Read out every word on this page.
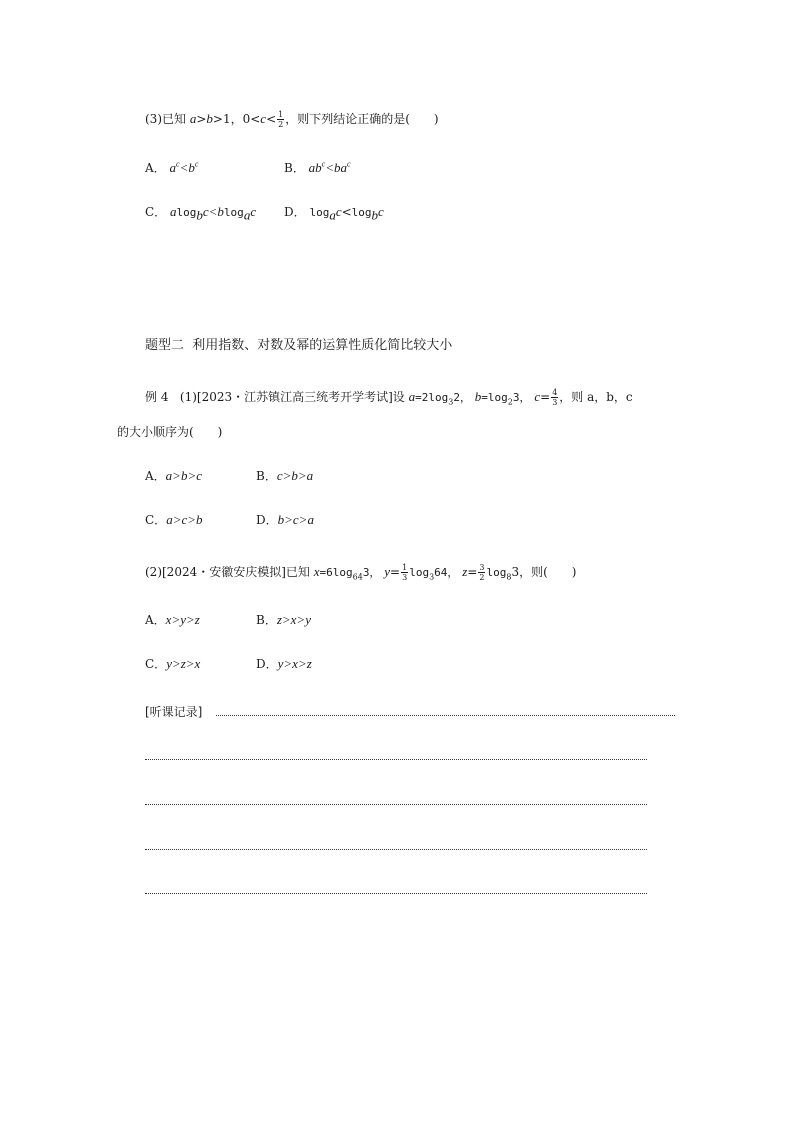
(3)已知 a>b>1，$0<c< \frac{1}{2}$ ，则下列结论正确的是(　　)
A． $a^c<b^c$	B． $ab^c<ba^c$
C． alog$_b$c<blog$_a$c D． $\log_ac<\log_bc$
题型二 利用指数、对数及幂的运算性质化简比较大小
例 4 (1)[2023・江苏镇江高三统考开学考试]设 $a=2\log_32$， $b=\log_23$， $c= \frac{4}{3}$ ，则 a，b，c
的大小顺序为(　　)
A．a>b>c	B．c>b>a
C．a>c>b	D．b>c>a
(2)[2024・安徽安庆模拟]已知 $x=6\log_{64}3$， $y= \frac{1}{3} \log_364$， $z= \frac{3}{2} \log_83$，则(　　)
A．x>y>z	B．z>x>y
C．y>z>x	D．y>x>z
[听课记录]
